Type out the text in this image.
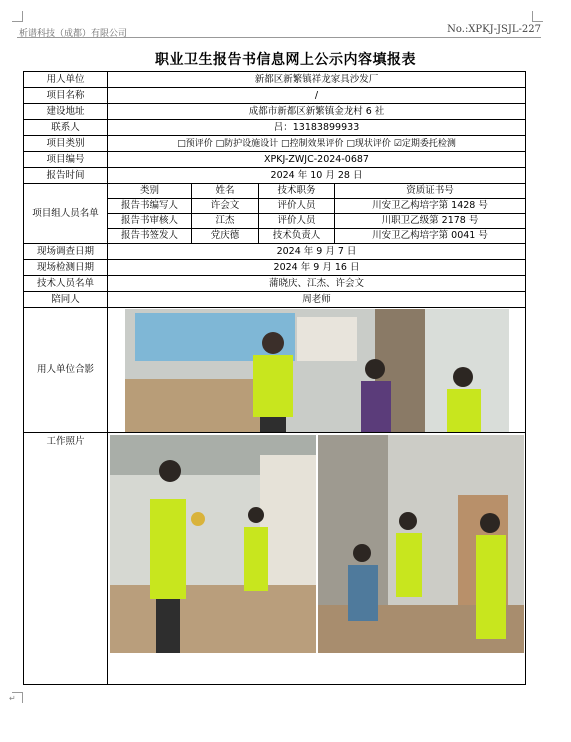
析谱科技（成都）有限公司	No.:XPKJ-JSJL-227
职业卫生报告书信息网上公示内容填报表
用人单位	新都区新繁镇祥龙家具沙发厂			
项目名称	/			
建设地址	成都市新都区新繁镇金龙村 6 社			
联系人	吕：13183899933			
项目类别	□预评价 □防护设施设计 □控制效果评价 □现状评价 ☑定期委托检测			
项目编号	XPKJ-ZWJC-2024-0687			
报告时间	2024 年 10 月 28 日			
项目组人员名单	类别	姓名	技术职务	资质证书号
	报告书编写人	许会文	评价人员	川安卫乙构培字第 1428 号
	报告书审核人	江杰	评价人员	川职卫乙级第 2178 号
	报告书签发人	党庆德	技术负责人	川安卫乙构培字第 0041 号
现场调查日期	2024 年 9 月 7 日			
现场检测日期	2024 年 9 月 16 日			
技术人员名单	蒲晓庆、江杰、许会文			
陪同人	周老师			
用人单位合影	

工作照片	
↵
